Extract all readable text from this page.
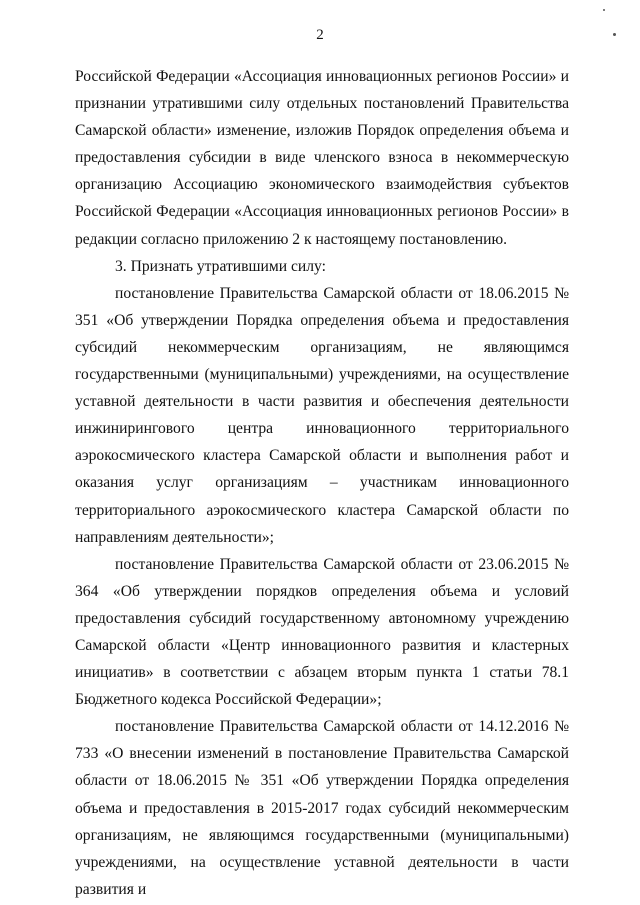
2

Российской Федерации «Ассоциация инновационных регионов России» и признании утратившими силу отдельных постановлений Правительства Самарской области» изменение, изложив Порядок определения объема и предоставления субсидии в виде членского взноса в некоммерческую организацию Ассоциацию экономического взаимодействия субъектов Российской Федерации «Ассоциация инновационных регионов России» в редакции согласно приложению 2 к настоящему постановлению.

3. Признать утратившими силу:

постановление Правительства Самарской области от 18.06.2015 № 351 «Об утверждении Порядка определения объема и предоставления субсидий некоммерческим организациям, не являющимся государственными (муниципальными) учреждениями, на осуществление уставной деятельности в части развития и обеспечения деятельности инжинирингового центра инновационного территориального аэрокосмического кластера Самарской области и выполнения работ и оказания услуг организациям – участникам инновационного территориального аэрокосмического кластера Самарской области по направлениям деятельности»;

постановление Правительства Самарской области от 23.06.2015 № 364 «Об утверждении порядков определения объема и условий предоставления субсидий государственному автономному учреждению Самарской области «Центр инновационного развития и кластерных инициатив» в соответствии с абзацем вторым пункта 1 статьи 78.1 Бюджетного кодекса Российской Федерации»;

постановление Правительства Самарской области от 14.12.2016 № 733 «О внесении изменений в постановление Правительства Самарской области от 18.06.2015 № 351 «Об утверждении Порядка определения объема и предоставления в 2015-2017 годах субсидий некоммерческим организациям, не являющимся государственными (муниципальными) учреждениями, на осуществление уставной деятельности в части развития и
